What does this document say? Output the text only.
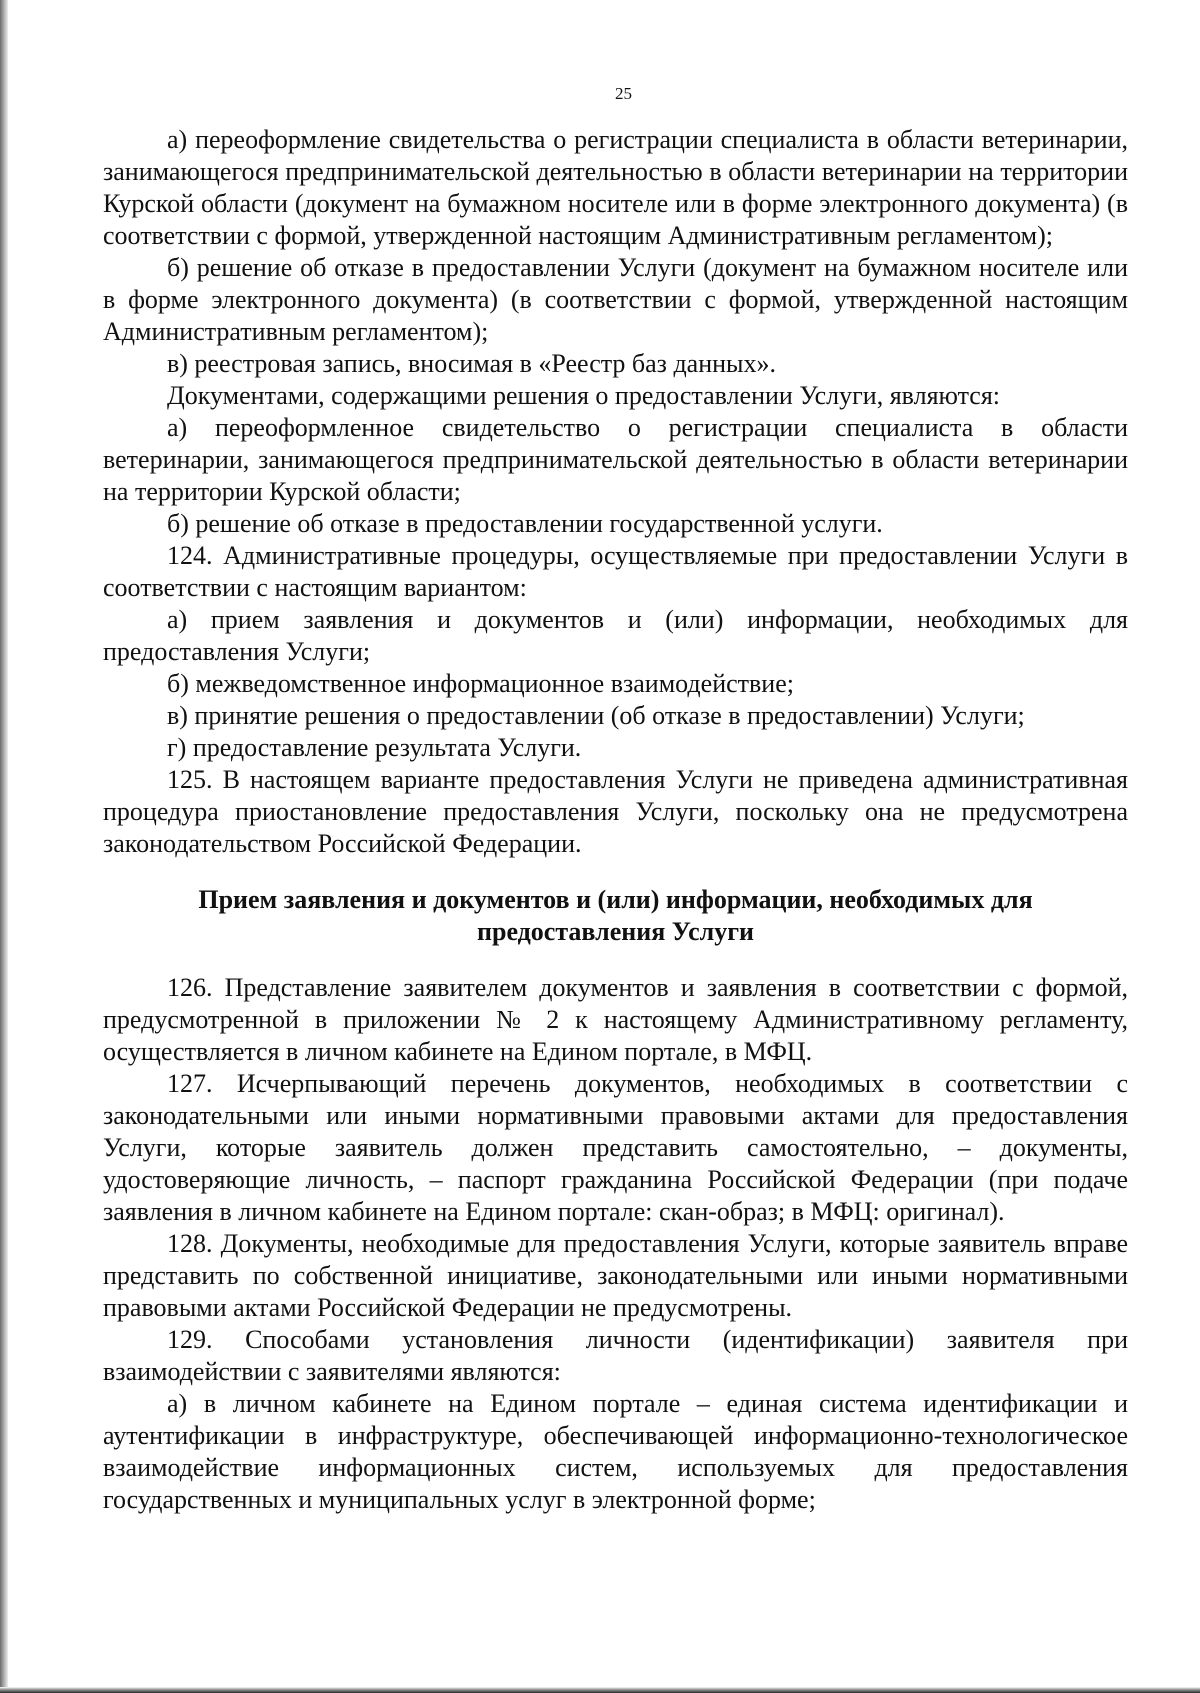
25

а) переоформление свидетельства о регистрации специалиста в области ветеринарии, занимающегося предпринимательской деятельностью в области ветеринарии на территории Курской области (документ на бумажном носителе или в форме электронного документа) (в соответствии с формой, утвержденной настоящим Административным регламентом);

б) решение об отказе в предоставлении Услуги (документ на бумажном носителе или в форме электронного документа) (в соответствии с формой, утвержденной настоящим Административным регламентом);

в) реестровая запись, вносимая в «Реестр баз данных».

Документами, содержащими решения о предоставлении Услуги, являются:

а) переоформленное свидетельство о регистрации специалиста в области ветеринарии, занимающегося предпринимательской деятельностью в области ветеринарии на территории Курской области;

б) решение об отказе в предоставлении государственной услуги.

124. Административные процедуры, осуществляемые при предоставлении Услуги в соответствии с настоящим вариантом:

а) прием заявления и документов и (или) информации, необходимых для предоставления Услуги;

б) межведомственное информационное взаимодействие;

в) принятие решения о предоставлении (об отказе в предоставлении) Услуги;

г) предоставление результата Услуги.

125. В настоящем варианте предоставления Услуги не приведена административная процедура приостановление предоставления Услуги, поскольку она не предусмотрена законодательством Российской Федерации.

Прием заявления и документов и (или) информации, необходимых для предоставления Услуги

126. Представление заявителем документов и заявления в соответствии с формой, предусмотренной в приложении № 2 к настоящему Административному регламенту, осуществляется в личном кабинете на Едином портале, в МФЦ.

127. Исчерпывающий перечень документов, необходимых в соответствии с законодательными или иными нормативными правовыми актами для предоставления Услуги, которые заявитель должен представить самостоятельно, – документы, удостоверяющие личность, – паспорт гражданина Российской Федерации (при подаче заявления в личном кабинете на Едином портале: скан-образ; в МФЦ: оригинал).

128. Документы, необходимые для предоставления Услуги, которые заявитель вправе представить по собственной инициативе, законодательными или иными нормативными правовыми актами Российской Федерации не предусмотрены.

129. Способами установления личности (идентификации) заявителя при взаимодействии с заявителями являются:

а) в личном кабинете на Едином портале – единая система идентификации и аутентификации в инфраструктуре, обеспечивающей информационно-технологическое взаимодействие информационных систем, используемых для предоставления государственных и муниципальных услуг в электронной форме;
